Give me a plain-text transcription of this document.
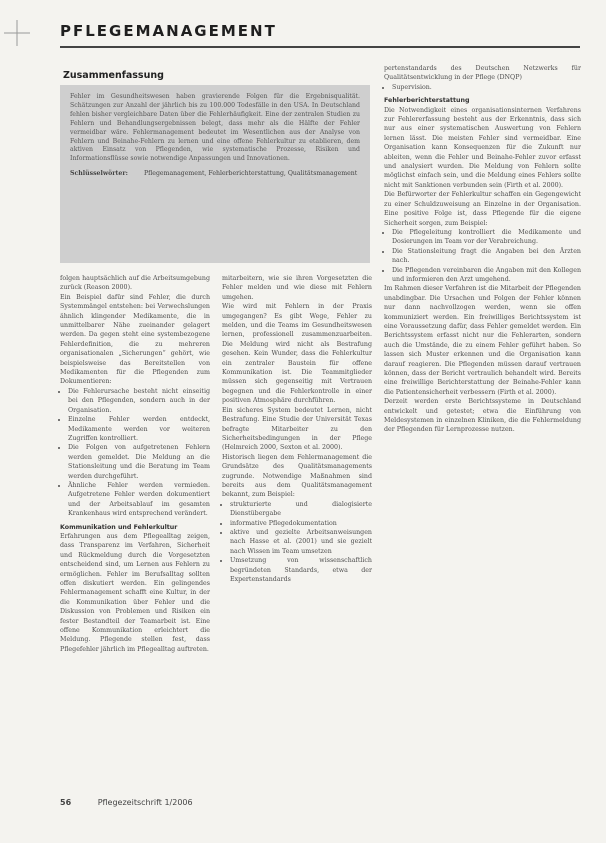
PFLEGEMANAGEMENT
Zusammenfassung
Fehler im Gesundheitswesen haben gravierende Folgen für die Ergebnisqualität. Schätzungen zur Anzahl der jährlich bis zu 100.000 Todesfälle in den USA. In Deutschland fehlen bisher vergleichbare Daten über die Fehlerhäufigkeit. Eine der zentralen Studien zu Fehlern und Behandlungsergebnissen belegt, dass mehr als die Hälfte der Fehler vermeidbar wäre. Fehlermanagement bedeutet im Wesentlichen aus der Analyse von Fehlern und Beinahe-Fehlern zu lernen und eine offene Fehlerkultur zu etablieren, dem aktiven Einsatz von Pflegenden, wie systematische Prozesse, Risiken und Informationsflüsse sowie notwendige Anpassungen und Innovationen.
Schlüsselwörter:	Pflegemanagement, Fehlerberichterstattung, Qualitätsmanagement

folgen hauptsächlich auf die Arbeitsumgebung zurück (Reason 2000).

Ein Beispiel dafür sind Fehler, die durch Systemmängel entstehen: bei Verwechslungen ähnlich klingender Medikamente, die in unmittelbarer Nähe zueinander gelagert werden. Da gegen steht eine systembezogene Fehlerdefinition, die zu mehreren organisationalen „Sicherungen“ gehört, wie beispielsweise das Bereitstellen von Medikamenten für die Pflegenden zum Dokumentieren:

• Die Fehlerursache besteht nicht einseitig bei den Pflegenden, sondern auch in der Organisation.
• Einzelne Fehler werden entdeckt, Medikamente werden vor weiteren Zugriffen kontrolliert.
• Die Folgen von aufgetretenen Fehlern werden gemeldet. Die Meldung an die Stationsleitung und die Beratung im Team werden durchgeführt.
• Ähnliche Fehler werden vermieden. Aufgetretene Fehler werden dokumentiert und der Arbeitsablauf im gesamten Krankenhaus wird entsprechend verändert.

Kommunikation und Fehlerkultur

Erfahrungen aus dem Pflegealltag zeigen, dass Transparenz im Verfahren, Sicherheit und Rückmeldung durch die Vorgesetzten entscheidend sind, um Lernen aus Fehlern zu ermöglichen. Fehler im Berufsalltag sollten offen diskutiert werden. Ein gelingendes Fehlermanagement schafft eine Kultur, in der die Kommunikation über Fehler und die Diskussion von Problemen und Risiken ein fester Bestandteil der Teamarbeit ist. Eine offene Kommunikation erleichtert die Meldung. Pflegende stellen fest, dass Pflegefehler jährlich im Pflegealltag auftreten.

mitarbeitern, wie sie ihren Vorgesetzten die Fehler melden und wie diese mit Fehlern umgehen.

Wie wird mit Fehlern in der Praxis umgegangen? Es gibt Wege, Fehler zu melden, und die Teams im Gesundheitswesen lernen, professionell zusammenzuarbeiten. Die Meldung wird nicht als Bestrafung gesehen. Kein Wunder, dass die Fehlerkultur ein zentraler Baustein für offene Kommunikation ist. Die Teammitglieder müssen sich gegenseitig mit Vertrauen begegnen und die Fehlerkontrolle in einer positiven Atmosphäre durchführen.

Ein sicheres System bedeutet Lernen, nicht Bestrafung. Eine Studie der Universität Texas befragte Mitarbeiter zu den Sicherheitsbedingungen in der Pflege (Helmreich 2000, Sexton et al. 2000).

Historisch liegen dem Fehlermanagement die Grundsätze des Qualitätsmanagements zugrunde. Notwendige Maßnahmen sind bereits aus dem Qualitätsmanagement bekannt, zum Beispiel:

• strukturierte und dialogisierte Dienstübergabe
• informative Pflegedokumentation
• aktive und gezielte Arbeitsanweisungen nach Hasse et al. (2001) und sie gezielt nach Wissen im Team umsetzen
• Umsetzung von wissenschaftlich begründeten Standards, etwa der Expertenstandards

pertenstandards des Deutschen Netzwerks für Qualitätsentwicklung in der Pflege (DNQP)

• Supervision.

Fehlerberichterstattung

Die Notwendigkeit eines organisationsinternen Verfahrens zur Fehlererfassung besteht aus der Erkenntnis, dass sich nur aus einer systematischen Auswertung von Fehlern lernen lässt. Die meisten Fehler sind vermeidbar. Eine Organisation kann Konsequenzen für die Zukunft nur ableiten, wenn die Fehler und Beinahe-Fehler zuvor erfasst und analysiert wurden. Die Meldung von Fehlern sollte möglichst einfach sein, und die Meldung eines Fehlers sollte nicht mit Sanktionen verbunden sein (Firth et al. 2000).

Die Befürworter der Fehlerkultur schaffen ein Gegengewicht zu einer Schuldzuweisung an Einzelne in der Organisation. Eine positive Folge ist, dass Pflegende für die eigene Sicherheit sorgen, zum Beispiel:

• Die Pflegeleitung kontrolliert die Medikamente und Dosierungen im Team vor der Verabreichung.
• Die Stationsleitung fragt die Angaben bei den Ärzten nach.
• Die Pflegenden vereinbaren die Angaben mit den Kollegen und informieren den Arzt umgehend.

Im Rahmen dieser Verfahren ist die Mitarbeit der Pflegenden unabdingbar. Die Ursachen und Folgen der Fehler können nur dann nachvollzogen werden, wenn sie offen kommuniziert werden. Ein freiwilliges Berichtssystem ist eine Voraussetzung dafür, dass Fehler gemeldet werden. Ein Berichtssystem erfasst nicht nur die Fehlerarten, sondern auch die Umstände, die zu einem Fehler geführt haben. So lassen sich Muster erkennen und die Organisation kann darauf reagieren. Die Pflegenden müssen darauf vertrauen können, dass der Bericht vertraulich behandelt wird. Bereits eine freiwillige Berichterstattung der Beinahe-Fehler kann die Patientensicherheit verbessern (Firth et al. 2000).

Derzeit werden erste Berichtssysteme in Deutschland entwickelt und getestet; etwa die Einführung von Meldesystemen in einzelnen Kliniken, die die Fehlermeldung der Pflegenden für Lernprozesse nutzen.

56	Pflegezeitschrift 1/2006
